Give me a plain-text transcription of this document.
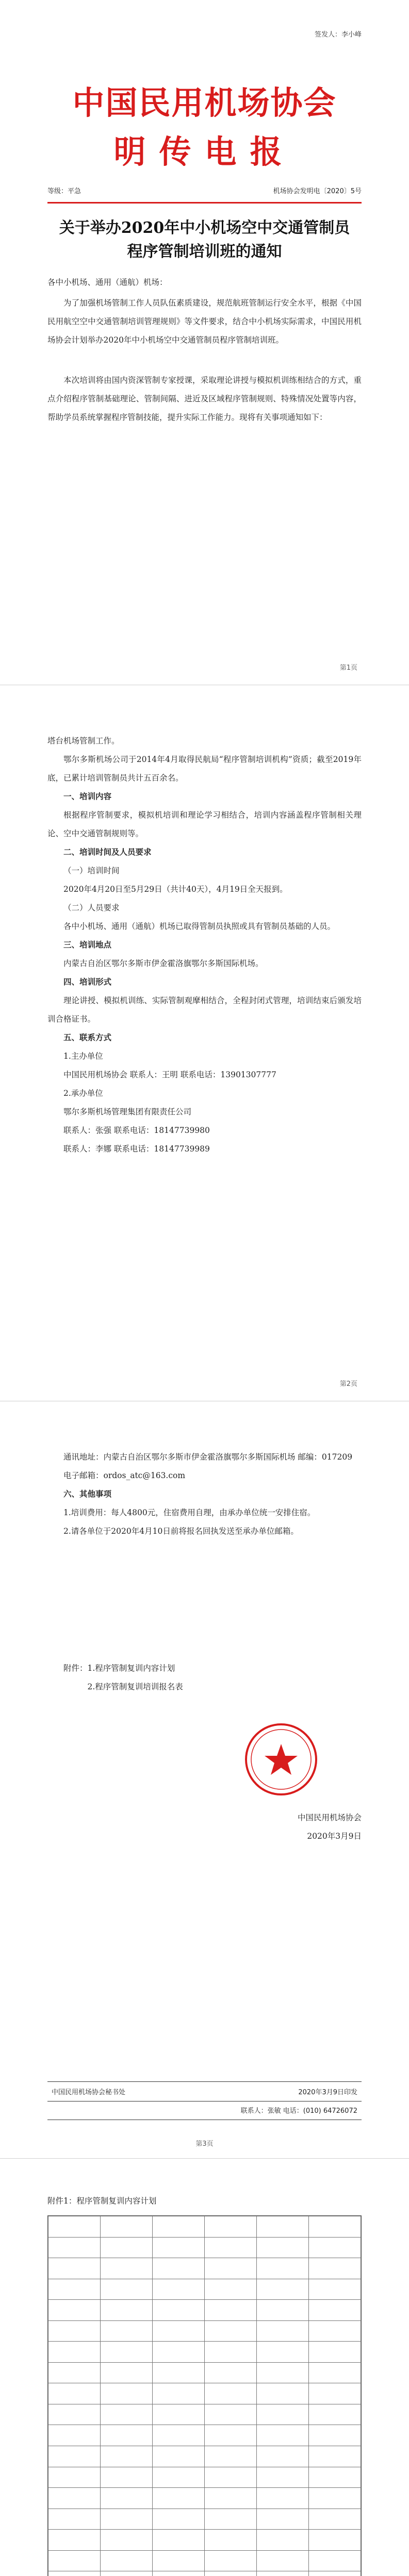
签发人：李小峰
中国民用机场协会
明传电报
等级：平急	机场协会发明电〔2020〕5号
关于举办2020年中小机场空中交通管制员程序管制培训班的通知
各中小机场、通用（通航）机场：
为了加强机场管制工作人员队伍素质建设，规范航班管制运行安全水平，根据《中国民用航空空中交通管制培训管理规则》等文件要求，结合中小机场实际需求，中国民用机场协会计划举办2020年中小机场空中交通管制员程序管制培训班。
本次培训将由国内资深管制专家授课，采取理论讲授与模拟机训练相结合的方式，重点介绍程序管制基础理论、管制间隔、进近及区域程序管制规则、特殊情况处置等内容，帮助学员系统掌握程序管制技能，提升实际工作能力。现将有关事项通知如下：
第1页
塔台机场管制工作。
鄂尔多斯机场公司于2014年4月取得民航局“程序管制培训机构”资质；截至2019年底，已累计培训管制员共计五百余名。
一、培训内容
根据程序管制要求，模拟机培训和理论学习相结合，培训内容涵盖程序管制相关理论、空中交通管制规则等。
二、培训时间及人员要求
（一）培训时间
2020年4月20日至5月29日（共计40天），4月19日全天报到。
（二）人员要求
各中小机场、通用（通航）机场已取得管制员执照或具有管制员基础的人员。
三、培训地点
内蒙古自治区鄂尔多斯市伊金霍洛旗鄂尔多斯国际机场。
四、培训形式
理论讲授、模拟机训练、实际管制观摩相结合，全程封闭式管理，培训结束后颁发培训合格证书。
五、联系方式
1.主办单位
中国民用机场协会 联系人：王明 联系电话：13901307777
2.承办单位
鄂尔多斯机场管理集团有限责任公司
联系人：张强 联系电话：18147739980
联系人：李娜 联系电话：18147739989
第2页
通讯地址：内蒙古自治区鄂尔多斯市伊金霍洛旗鄂尔多斯国际机场 邮编：017209
电子邮箱：ordos_atc@163.com
六、其他事项
1.培训费用：每人4800元，住宿费用自理，由承办单位统一安排住宿。
2.请各单位于2020年4月10日前将报名回执发送至承办单位邮箱。
附件：1.程序管制复训内容计划
2.程序管制复训培训报名表
中国民用机场协会
2020年3月9日
中国民用机场协会秘书处	2020年3月9日印发
联系人：张敏 电话：(010) 64726072
第3页
附件1：程序管制复训内容计划
